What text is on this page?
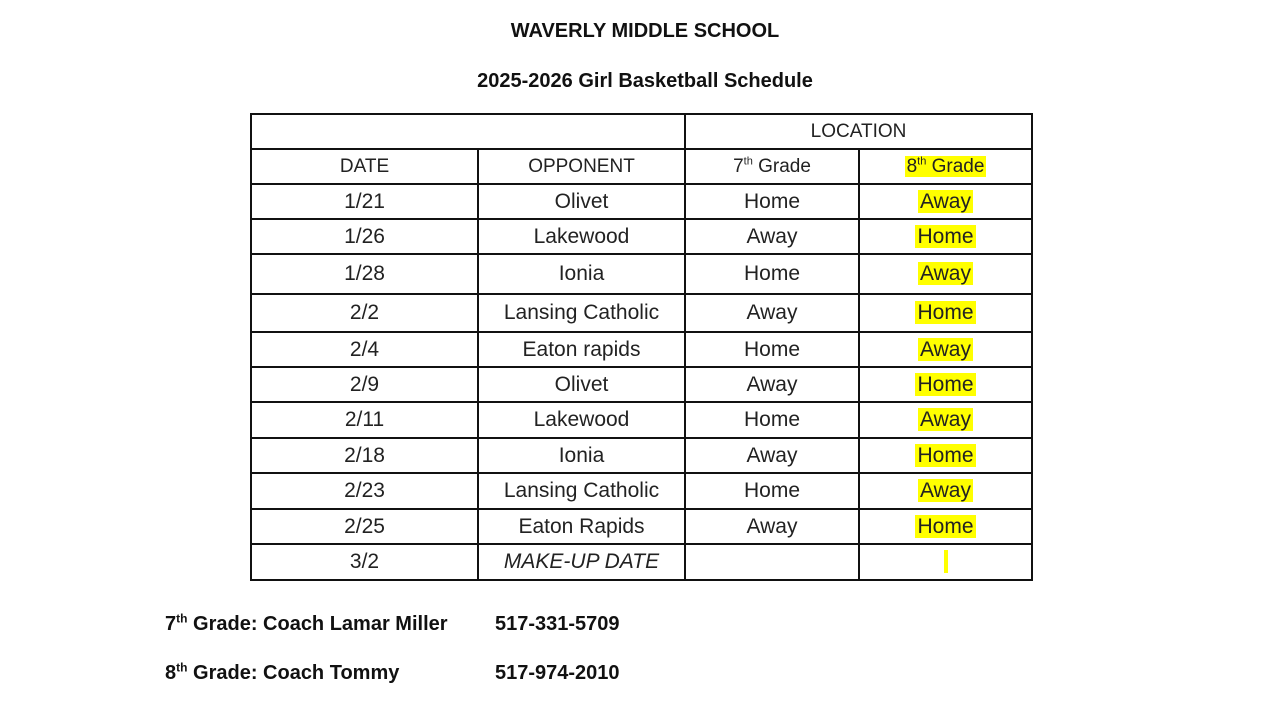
WAVERLY MIDDLE SCHOOL
2025-2026 Girl Basketball Schedule
		LOCATION	
DATE	OPPONENT	7th Grade	8th Grade
1/21	Olivet	Home	Away
1/26	Lakewood	Away	Home
1/28	Ionia	Home	Away
2/2	Lansing Catholic	Away	Home
2/4	Eaton rapids	Home	Away
2/9	Olivet	Away	Home
2/11	Lakewood	Home	Away
2/18	Ionia	Away	Home
2/23	Lansing Catholic	Home	Away
2/25	Eaton Rapids	Away	Home
3/2	MAKE-UP DATE		
7th Grade: Coach Lamar Miller 517-331-5709
8th Grade: Coach Tommy	517-974-2010
